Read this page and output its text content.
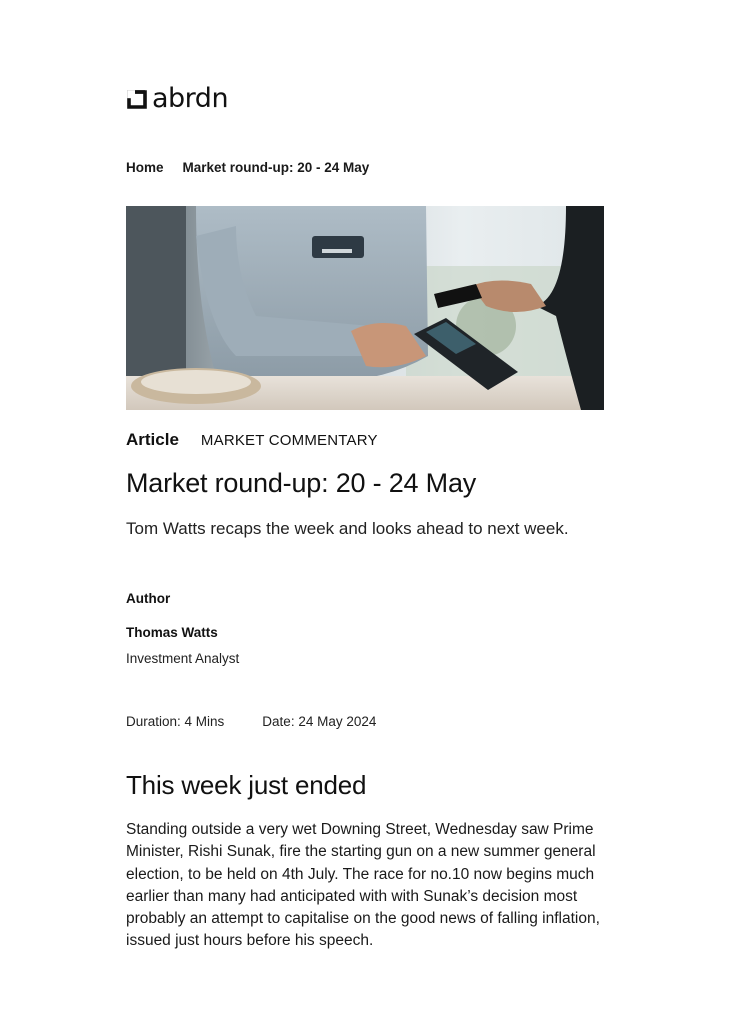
abrdn
Home Market round-up: 20 - 24 May
Article MARKET COMMENTARY
Market round-up: 20 - 24 May

Tom Watts recaps the week and looks ahead to next week.

Author
Thomas Watts
Investment Analyst
Duration: 4 Mins	Date: 24 May 2024
This week just ended

Standing outside a very wet Downing Street, Wednesday saw Prime Minister, Rishi Sunak, fire the starting gun on a new summer general election, to be held on 4th July. The race for no.10 now begins much earlier than many had anticipated with with Sunak’s decision most probably an attempt to capitalise on the good news of falling inflation, issued just hours before his speech.
